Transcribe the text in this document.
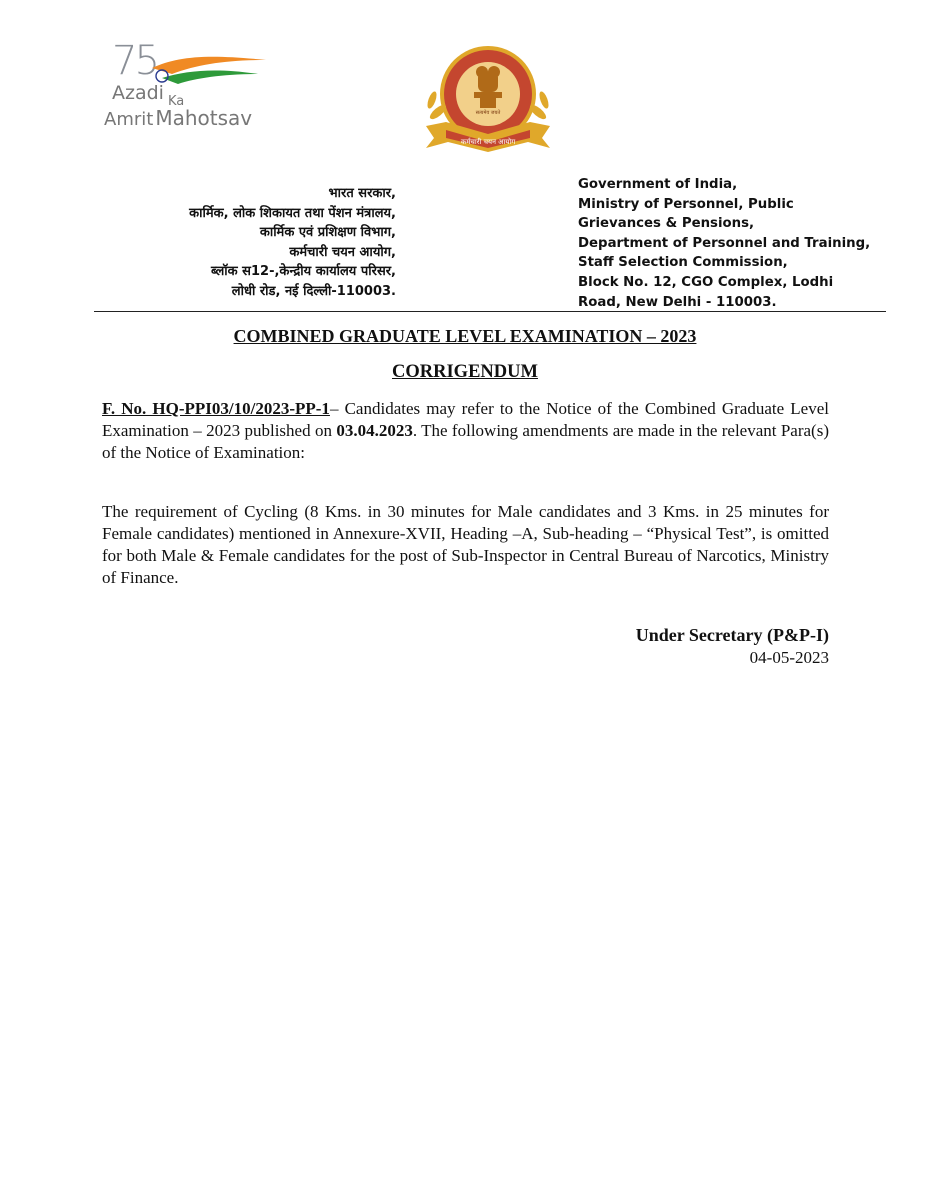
75
Azadi $_{Ka}$
Amrit Mahotsav	सत्यमेव जयते
कर्मचारी चयन आयोग
भारत सरकार,
कार्मिक, लोक शिकायत तथा पेंशन मंत्रालय,
कार्मिक एवं प्रशिक्षण विभाग,
कर्मचारी चयन आयोग,
ब्लॉक स12-,केन्द्रीय कार्यालय परिसर,
लोधी रोड, नई दिल्ली-110003.
Government of India,
Ministry of Personnel, Public
Grievances & Pensions,
Department of Personnel and Training,
Staff Selection Commission,
Block No. 12, CGO Complex, Lodhi
Road, New Delhi - 110003.
COMBINED GRADUATE LEVEL EXAMINATION – 2023
CORRIGENDUM
F. No. HQ-PPI03/10/2023-PP-1– Candidates may refer to the Notice of the Combined Graduate Level Examination – 2023 published on 03.04.2023. The following amendments are made in the relevant Para(s) of the Notice of Examination:
The requirement of Cycling (8 Kms. in 30 minutes for Male candidates and 3 Kms. in 25 minutes for Female candidates) mentioned in Annexure-XVII, Heading –A, Sub-heading – “Physical Test”, is omitted for both Male & Female candidates for the post of Sub-Inspector in Central Bureau of Narcotics, Ministry of Finance.
Under Secretary (P&P-I)
04-05-2023
